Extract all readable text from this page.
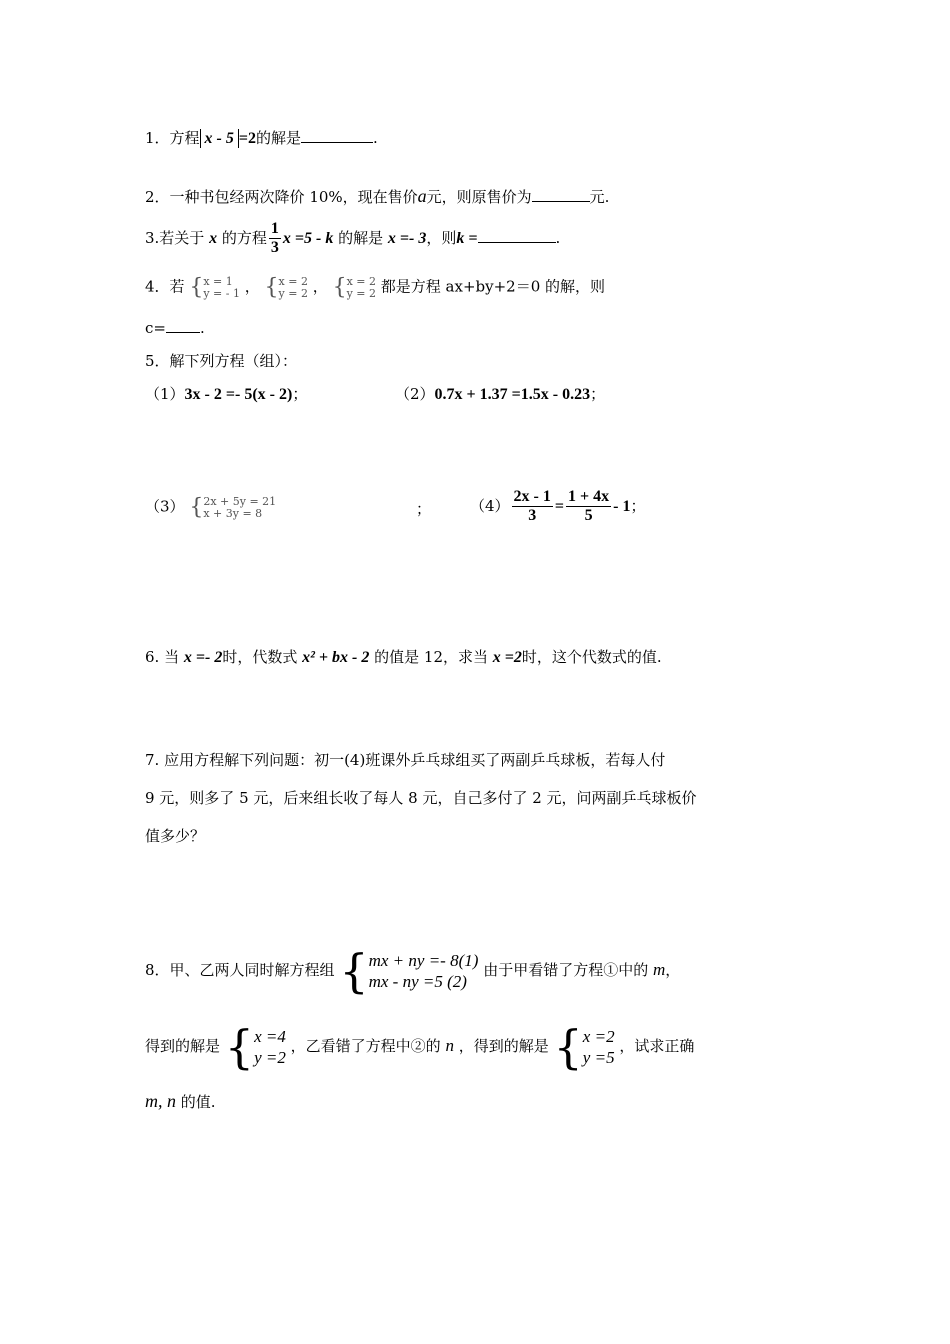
1．方程 x - 5 =2的解是	.
2．一种书包经两次降价 10%，现在售价a元，则原售价为	元.
3.若关于 x 的方程 $\frac{1}{3}$ x =5 - k 的解是 x =- 3，则k =	.
4．若 { x = 1
y = - 1 ， { x = 2
y = 2 ， { x = 2
y = 2 都是方程 ax+by+2＝0 的解，则
c= .
5．解下列方程（组）：
（1）3x - 2 =- 5(x - 2)；	（2）0.7x + 1.37 =1.5x - 0.23；
（3） { 2x + 5y = 21
x + 3y = 8	；	$(4) \frac{2x - 1}{3} = \frac{1 + 4x}{5} - 1$；
6. 当 x =- 2时，代数式 x² + bx - 2 的值是 12，求当 x =2时，这个代数式的值.
7. 应用方程解下列问题：初一(4)班课外乒乓球组买了两副乒乓球板，若每人付
9 元，则多了 5 元，后来组长收了每人 8 元，自己多付了 2 元，问两副乒乓球板价
值多少？
8．甲、乙两人同时解方程组 { mx + ny =- 8(1)
mx - ny =5 (2)
由于甲看错了方程①中的 m，
得到的解是 { x =4
y =2
，乙看错了方程中②的 n ，得到的解是 { x =2
y =5
，试求正确
m, n 的值.
